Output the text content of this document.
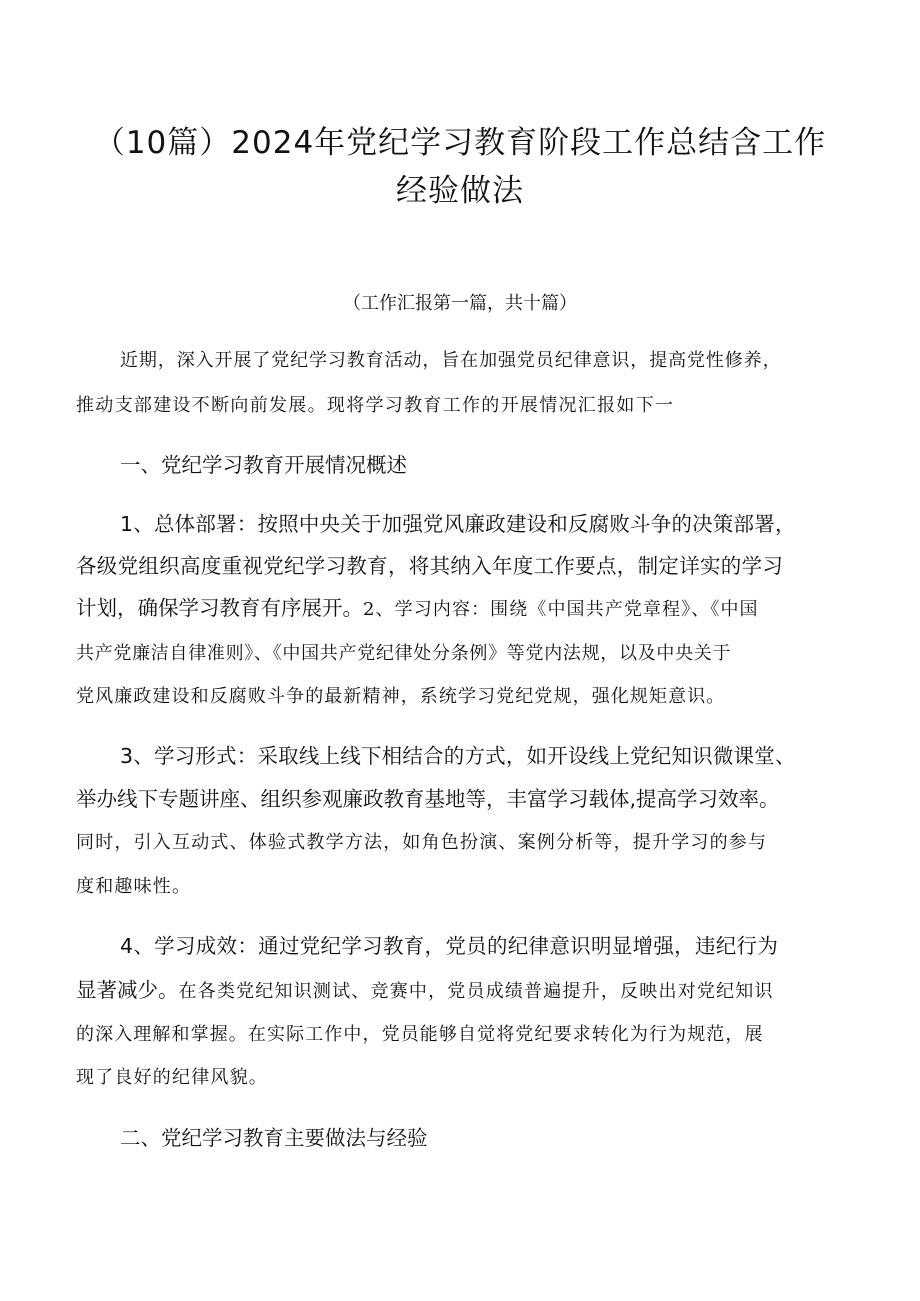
（10篇）2024年党纪学习教育阶段工作总结含工作
经验做法
（工作汇报第一篇，共十篇）
近期，深入开展了党纪学习教育活动，旨在加强党员纪律意识，提高党性修养，
推动支部建设不断向前发展。现将学习教育工作的开展情况汇报如下一
一、党纪学习教育开展情况概述
1、总体部署：按照中央关于加强党风廉政建设和反腐败斗争的决策部署，
各级党组织高度重视党纪学习教育，将其纳入年度工作要点，制定详实的学习
计划，确保学习教育有序展开。2、学习内容：围绕《中国共产党章程》、《中国
共产党廉洁自律准则》、《中国共产党纪律处分条例》等党内法规，以及中央关于
党风廉政建设和反腐败斗争的最新精神，系统学习党纪党规，强化规矩意识。
3、学习形式：采取线上线下相结合的方式，如开设线上党纪知识微课堂、
举办线下专题讲座、组织参观廉政教育基地等，丰富学习载体,提高学习效率。
同时，引入互动式、体验式教学方法，如角色扮演、案例分析等，提升学习的参与
度和趣味性。
4、学习成效：通过党纪学习教育，党员的纪律意识明显增强，违纪行为
显著减少。在各类党纪知识测试、竞赛中，党员成绩普遍提升，反映出对党纪知识
的深入理解和掌握。在实际工作中，党员能够自觉将党纪要求转化为行为规范，展
现了良好的纪律风貌。
二、党纪学习教育主要做法与经验
